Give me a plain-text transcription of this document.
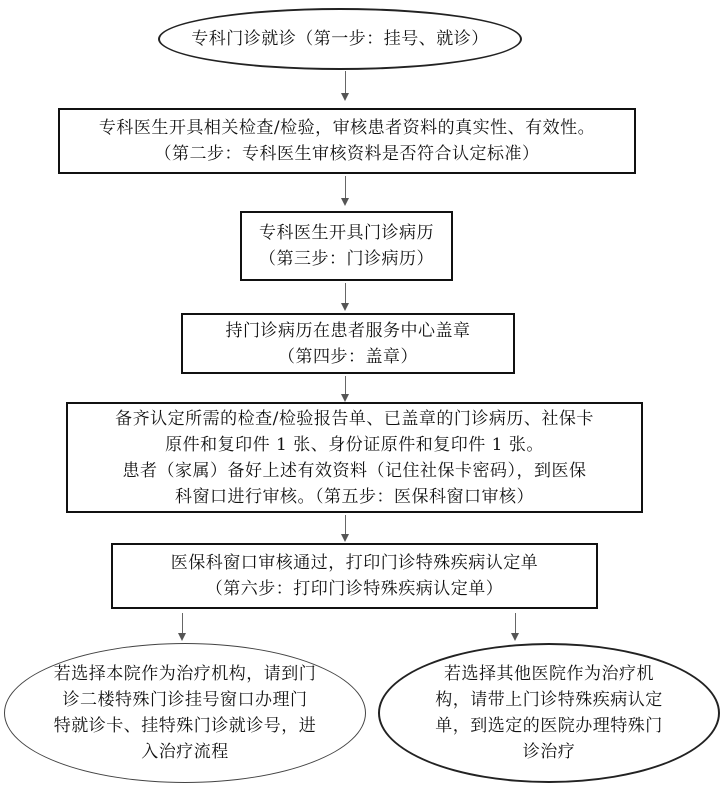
专科门诊就诊（第一步：挂号、就诊）
专科医生开具相关检查/检验，审核患者资料的真实性、有效性。
（第二步：专科医生审核资料是否符合认定标准）
专科医生开具门诊病历
（第三步：门诊病历）
持门诊病历在患者服务中心盖章
（第四步：盖章）
备齐认定所需的检查/检验报告单、已盖章的门诊病历、社保卡
原件和复印件 1 张、身份证原件和复印件 1 张。
患者（家属）备好上述有效资料（记住社保卡密码），到医保
科窗口进行审核。（第五步：医保科窗口审核）
医保科窗口审核通过，打印门诊特殊疾病认定单
（第六步：打印门诊特殊疾病认定单）
若选择本院作为治疗机构，请到门
诊二楼特殊门诊挂号窗口办理门
特就诊卡、挂特殊门诊就诊号，进
入治疗流程
若选择其他医院作为治疗机
构，请带上门诊特殊疾病认定
单，到选定的医院办理特殊门
诊治疗
